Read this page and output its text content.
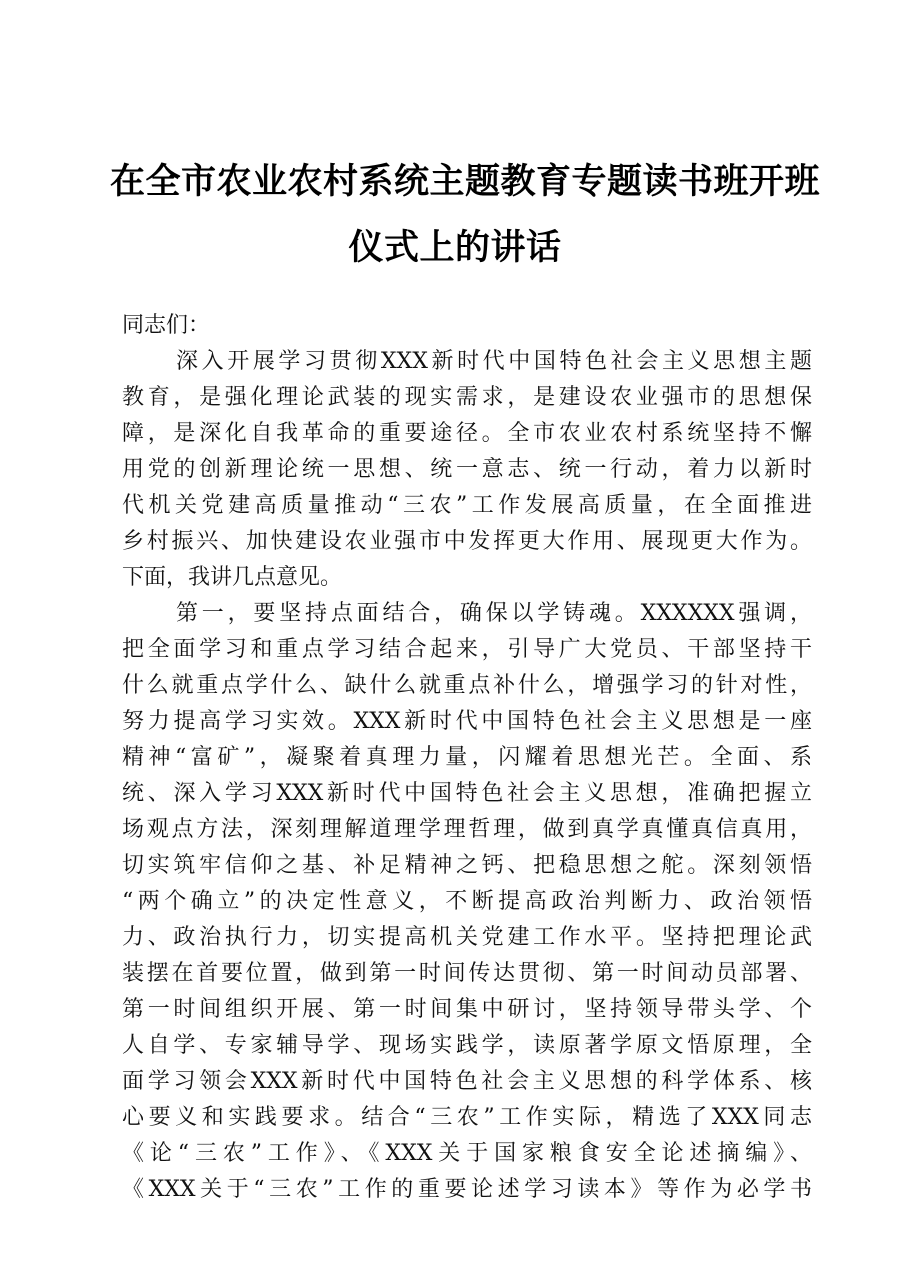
在全市农业农村系统主题教育专题读书班开班
仪式上的讲话
同志们：
深入开展学习贯彻XXX新时代中国特色社会主义思想主题
教育，是强化理论武装的现实需求，是建设农业强市的思想保
障，是深化自我革命的重要途径。全市农业农村系统坚持不懈
用党的创新理论统一思想、统一意志、统一行动，着力以新时
代机关党建高质量推动“三农”工作发展高质量，在全面推进
乡村振兴、加快建设农业强市中发挥更大作用、展现更大作为。
下面，我讲几点意见。
第一，要坚持点面结合，确保以学铸魂。XXXXXX强调，
把全面学习和重点学习结合起来，引导广大党员、干部坚持干
什么就重点学什么、缺什么就重点补什么，增强学习的针对性，
努力提高学习实效。XXX新时代中国特色社会主义思想是一座
精神“富矿”，凝聚着真理力量，闪耀着思想光芒。全面、系
统、深入学习XXX新时代中国特色社会主义思想，准确把握立
场观点方法，深刻理解道理学理哲理，做到真学真懂真信真用，
切实筑牢信仰之基、补足精神之钙、把稳思想之舵。深刻领悟
“两个确立”的决定性意义，不断提高政治判断力、政治领悟
力、政治执行力，切实提高机关党建工作水平。坚持把理论武
装摆在首要位置，做到第一时间传达贯彻、第一时间动员部署、
第一时间组织开展、第一时间集中研讨，坚持领导带头学、个
人自学、专家辅导学、现场实践学，读原著学原文悟原理，全
面学习领会XXX新时代中国特色社会主义思想的科学体系、核
心要义和实践要求。结合“三农”工作实际，精选了XXX同志
《论“三农”工作》、《XXX关于国家粮食安全论述摘编》、
《XXX关于“三农”工作的重要论述学习读本》等作为必学书
